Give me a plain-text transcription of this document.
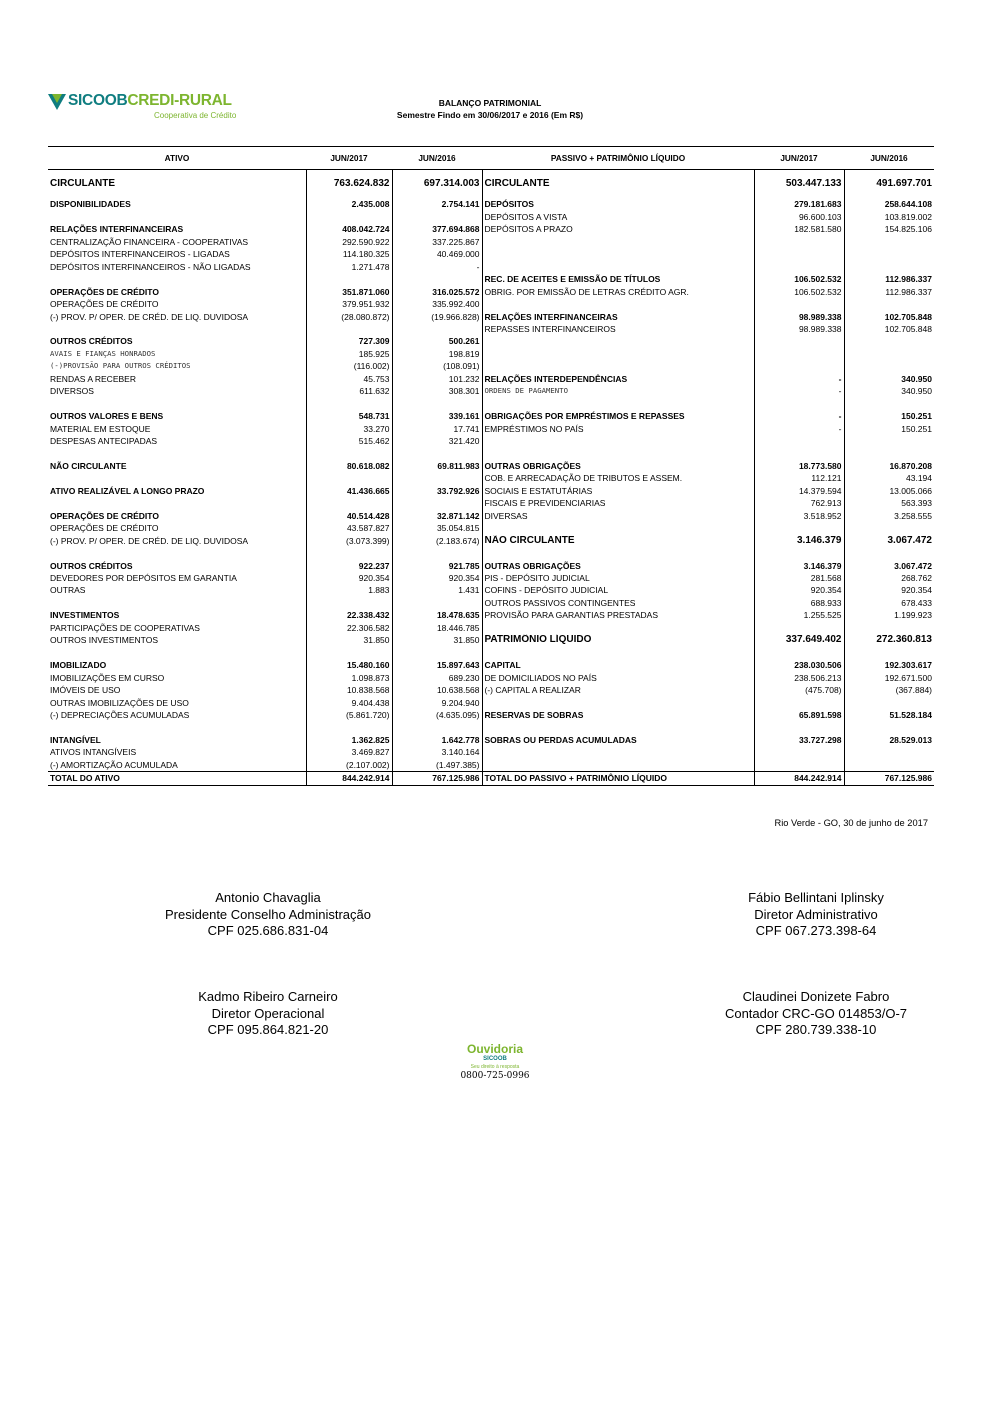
SICOOBCREDI-RURAL
Cooperativa de Crédito
BALANÇO PATRIMONIAL
Semestre Findo em 30/06/2017 e 2016 (Em R$)
ATIVO	JUN/2017	JUN/2016	PASSIVO + PATRIMÔNIO LÍQUIDO	JUN/2017	JUN/2016

CIRCULANTE	763.624.832	697.314.003	CIRCULANTE	503.447.133	491.697.701

DISPONIBILIDADES	2.435.008	2.754.141	DEPÓSITOS	279.181.683	258.644.108
			DEPÓSITOS A VISTA	96.600.103	103.819.002
RELAÇÕES INTERFINANCEIRAS	408.042.724	377.694.868	DEPÓSITOS A PRAZO	182.581.580	154.825.106
CENTRALIZAÇÃO FINANCEIRA - COOPERATIVAS	292.590.922	337.225.867			
DEPÓSITOS INTERFINANCEIROS - LIGADAS	114.180.325	40.469.000			
DEPÓSITOS INTERFINANCEIROS - NÃO LIGADAS	1.271.478	-			
			REC. DE ACEITES E EMISSÃO DE TÍTULOS	106.502.532	112.986.337
OPERAÇÕES DE CRÉDITO	351.871.060	316.025.572	OBRIG. POR EMISSÃO DE LETRAS CRÉDITO AGR.	106.502.532	112.986.337
OPERAÇÕES DE CRÉDITO	379.951.932	335.992.400			
(-) PROV. P/ OPER. DE CRÉD. DE LIQ. DUVIDOSA	(28.080.872)	(19.966.828)	RELAÇÕES INTERFINANCEIRAS	98.989.338	102.705.848
			REPASSES INTERFINANCEIROS	98.989.338	102.705.848
OUTROS CRÉDITOS	727.309	500.261			
AVAIS E FIANÇAS HONRADOS	185.925	198.819			
(-)PROVISÃO PARA OUTROS CRÉDITOS	(116.002)	(108.091)			
RENDAS A RECEBER	45.753	101.232	RELAÇÕES INTERDEPENDÊNCIAS	-	340.950
DIVERSOS	611.632	308.301	ORDENS DE PAGAMENTO	-	340.950

OUTROS VALORES E BENS	548.731	339.161	OBRIGAÇÕES POR EMPRÉSTIMOS E REPASSES	-	150.251
MATERIAL EM ESTOQUE	33.270	17.741	EMPRÉSTIMOS NO PAÍS	-	150.251
DESPESAS ANTECIPADAS	515.462	321.420			

NÃO CIRCULANTE	80.618.082	69.811.983	OUTRAS OBRIGAÇÕES	18.773.580	16.870.208
			COB. E ARRECADAÇÃO DE TRIBUTOS E ASSEM.	112.121	43.194
ATIVO REALIZÁVEL A LONGO PRAZO	41.436.665	33.792.926	SOCIAIS E ESTATUTÁRIAS	14.379.594	13.005.066
			FISCAIS E PREVIDENCIARIAS	762.913	563.393
OPERAÇÕES DE CRÉDITO	40.514.428	32.871.142	DIVERSAS	3.518.952	3.258.555
OPERAÇÕES DE CRÉDITO	43.587.827	35.054.815			
(-) PROV. P/ OPER. DE CRÉD. DE LIQ. DUVIDOSA	(3.073.399)	(2.183.674)	NÃO CIRCULANTE	3.146.379	3.067.472

OUTROS CRÉDITOS	922.237	921.785	OUTRAS OBRIGAÇÕES	3.146.379	3.067.472
DEVEDORES POR DEPÓSITOS EM GARANTIA	920.354	920.354	PIS - DEPÓSITO JUDICIAL	281.568	268.762
OUTRAS	1.883	1.431	COFINS - DEPÓSITO JUDICIAL	920.354	920.354
			OUTROS PASSIVOS CONTINGENTES	688.933	678.433
INVESTIMENTOS	22.338.432	18.478.635	PROVISÃO PARA GARANTIAS PRESTADAS	1.255.525	1.199.923
PARTICIPAÇÕES DE COOPERATIVAS	22.306.582	18.446.785			
OUTROS INVESTIMENTOS	31.850	31.850	PATRIMÔNIO LÍQUIDO	337.649.402	272.360.813

IMOBILIZADO	15.480.160	15.897.643	CAPITAL	238.030.506	192.303.617
IMOBILIZAÇÕES EM CURSO	1.098.873	689.230	DE DOMICILIADOS NO PAÍS	238.506.213	192.671.500
IMÓVEIS DE USO	10.838.568	10.638.568	(-) CAPITAL A REALIZAR	(475.708)	(367.884)
OUTRAS IMOBILIZAÇÕES DE USO	9.404.438	9.204.940			
(-) DEPRECIAÇÕES ACUMULADAS	(5.861.720)	(4.635.095)	RESERVAS DE SOBRAS	65.891.598	51.528.184

INTANGÍVEL	1.362.825	1.642.778	SOBRAS OU PERDAS ACUMULADAS	33.727.298	28.529.013
ATIVOS INTANGÍVEIS	3.469.827	3.140.164			
(-) AMORTIZAÇÃO ACUMULADA	(2.107.002)	(1.497.385)			
TOTAL DO ATIVO	844.242.914	767.125.986	TOTAL DO PASSIVO + PATRIMÔNIO LÍQUIDO	844.242.914	767.125.986
Rio Verde - GO, 30 de junho de 2017
Antonio Chavaglia
Presidente Conselho Administração
CPF 025.686.831-04
Fábio Bellintani Iplinsky
Diretor Administrativo
CPF 067.273.398-64
Kadmo Ribeiro Carneiro
Diretor Operacional
CPF 095.864.821-20
Claudinei Donizete Fabro
Contador CRC-GO 014853/O-7
CPF 280.739.338-10
Ouvidoria
SICOOB
Seu direito à resposta
0800-725-0996
